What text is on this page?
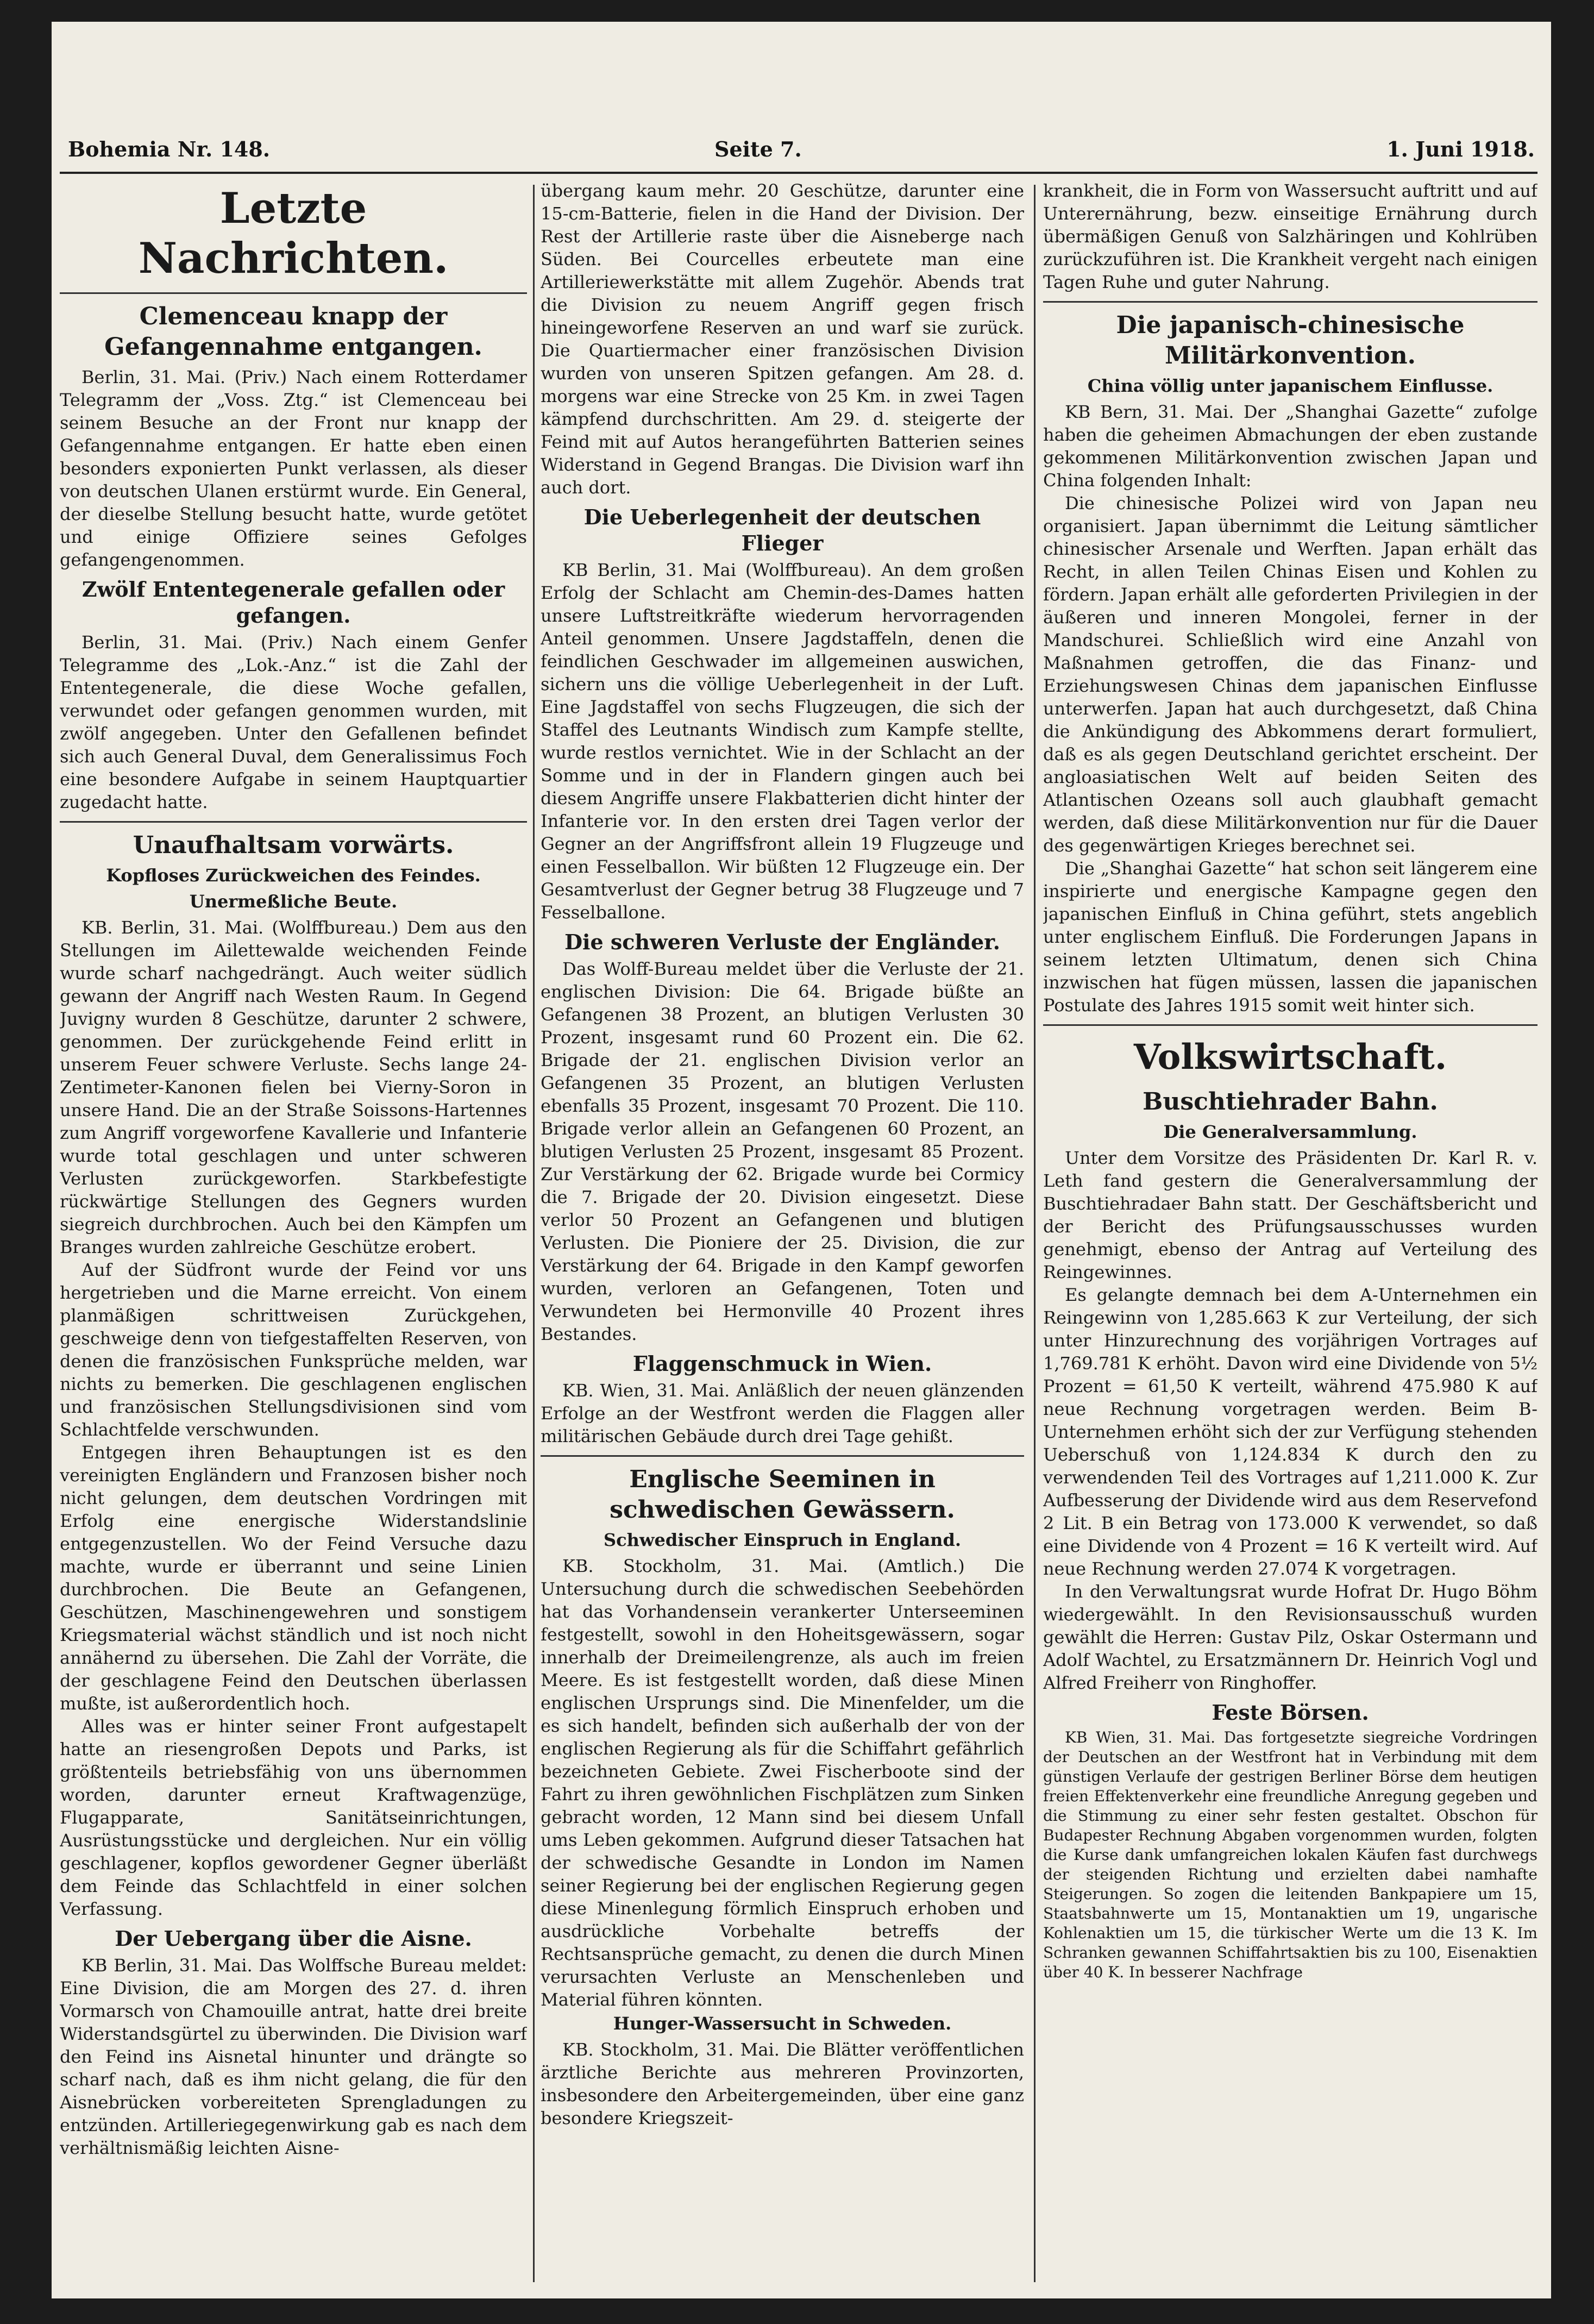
Bohemia Nr. 148.	Seite 7.	1. Juni 1918.
Letzte Nachrichten.
Clemenceau knapp der Gefangennahme entgangen.

Berlin, 31. Mai. (Priv.) Nach einem Rotterdamer Telegramm der „Voss. Ztg.“ ist Clemenceau bei seinem Besuche an der Front nur knapp der Gefangennahme entgangen. Er hatte eben einen besonders exponierten Punkt verlassen, als dieser von deutschen Ulanen erstürmt wurde. Ein General, der dieselbe Stellung besucht hatte, wurde getötet und einige Offiziere seines Gefolges gefangengenommen.

Zwölf Ententegenerale gefallen oder gefangen.

Berlin, 31. Mai. (Priv.) Nach einem Genfer Telegramme des „Lok.-Anz.“ ist die Zahl der Ententegenerale, die diese Woche gefallen, verwundet oder gefangen genommen wurden, mit zwölf angegeben. Unter den Gefallenen befindet sich auch General Duval, dem Generalissimus Foch eine besondere Aufgabe in seinem Hauptquartier zugedacht hatte.

Unaufhaltsam vorwärts.
Kopfloses Zurückweichen des Feindes.
Unermeßliche Beute.

KB. Berlin, 31. Mai. (Wolffbureau.) Dem aus den Stellungen im Ailettewalde weichenden Feinde wurde scharf nachgedrängt. Auch weiter südlich gewann der Angriff nach Westen Raum. In Gegend Juvigny wurden 8 Geschütze, darunter 2 schwere, genommen. Der zurückgehende Feind erlitt in unserem Feuer schwere Verluste. Sechs lange 24-Zentimeter-Kanonen fielen bei Vierny-Soron in unsere Hand. Die an der Straße Soissons-Hartennes zum Angriff vorgeworfene Kavallerie und Infanterie wurde total geschlagen und unter schweren Verlusten zurückgeworfen. Starkbefestigte rückwärtige Stellungen des Gegners wurden siegreich durchbrochen. Auch bei den Kämpfen um Branges wurden zahlreiche Geschütze erobert.

Auf der Südfront wurde der Feind vor uns hergetrieben und die Marne erreicht. Von einem planmäßigen schrittweisen Zurückgehen, geschweige denn von tiefgestaffelten Reserven, von denen die französischen Funksprüche melden, war nichts zu bemerken. Die geschlagenen englischen und französischen Stellungsdivisionen sind vom Schlachtfelde verschwunden.

Entgegen ihren Behauptungen ist es den vereinigten Engländern und Franzosen bisher noch nicht gelungen, dem deutschen Vordringen mit Erfolg eine energische Widerstandslinie entgegenzustellen. Wo der Feind Versuche dazu machte, wurde er überrannt und seine Linien durchbrochen. Die Beute an Gefangenen, Geschützen, Maschinengewehren und sonstigem Kriegsmaterial wächst ständlich und ist noch nicht annähernd zu übersehen. Die Zahl der Vorräte, die der geschlagene Feind den Deutschen überlassen mußte, ist außerordentlich hoch.

Alles was er hinter seiner Front aufgestapelt hatte an riesengroßen Depots und Parks, ist größtenteils betriebsfähig von uns übernommen worden, darunter erneut Kraftwagenzüge, Flugapparate, Sanitätseinrichtungen, Ausrüstungsstücke und dergleichen. Nur ein völlig geschlagener, kopflos gewordener Gegner überläßt dem Feinde das Schlachtfeld in einer solchen Verfassung.

Der Uebergang über die Aisne.

KB Berlin, 31. Mai. Das Wolffsche Bureau meldet: Eine Division, die am Morgen des 27. d. ihren Vormarsch von Chamouille antrat, hatte drei breite Widerstandsgürtel zu überwinden. Die Division warf den Feind ins Aisnetal hinunter und drängte so scharf nach, daß es ihm nicht gelang, die für den Aisnebrücken vorbereiteten Sprengladungen zu entzünden. Artilleriegegenwirkung gab es nach dem verhältnismäßig leichten Aisne-

übergang kaum mehr. 20 Geschütze, darunter eine 15-cm-Batterie, fielen in die Hand der Division. Der Rest der Artillerie raste über die Aisneberge nach Süden. Bei Courcelles erbeutete man eine Artilleriewerkstätte mit allem Zugehör. Abends trat die Division zu neuem Angriff gegen frisch hineingeworfene Reserven an und warf sie zurück. Die Quartiermacher einer französischen Division wurden von unseren Spitzen gefangen. Am 28. d. morgens war eine Strecke von 25 Km. in zwei Tagen kämpfend durchschritten. Am 29. d. steigerte der Feind mit auf Autos herangeführten Batterien seines Widerstand in Gegend Brangas. Die Division warf ihn auch dort.

Die Ueberlegenheit der deutschen Flieger

KB Berlin, 31. Mai (Wolffbureau). An dem großen Erfolg der Schlacht am Chemin-des-Dames hatten unsere Luftstreitkräfte wiederum hervorragenden Anteil genommen. Unsere Jagdstaffeln, denen die feindlichen Geschwader im allgemeinen auswichen, sichern uns die völlige Ueberlegenheit in der Luft. Eine Jagdstaffel von sechs Flugzeugen, die sich der Staffel des Leutnants Windisch zum Kampfe stellte, wurde restlos vernichtet. Wie in der Schlacht an der Somme und in der in Flandern gingen auch bei diesem Angriffe unsere Flakbatterien dicht hinter der Infanterie vor. In den ersten drei Tagen verlor der Gegner an der Angriffsfront allein 19 Flugzeuge und einen Fesselballon. Wir büßten 12 Flugzeuge ein. Der Gesamtverlust der Gegner betrug 38 Flugzeuge und 7 Fesselballone.

Die schweren Verluste der Engländer.

Das Wolff-Bureau meldet über die Verluste der 21. englischen Division: Die 64. Brigade büßte an Gefangenen 38 Prozent, an blutigen Verlusten 30 Prozent, insgesamt rund 60 Prozent ein. Die 62. Brigade der 21. englischen Division verlor an Gefangenen 35 Prozent, an blutigen Verlusten ebenfalls 35 Prozent, insgesamt 70 Prozent. Die 110. Brigade verlor allein an Gefangenen 60 Prozent, an blutigen Verlusten 25 Prozent, insgesamt 85 Prozent. Zur Verstärkung der 62. Brigade wurde bei Cormicy die 7. Brigade der 20. Division eingesetzt. Diese verlor 50 Prozent an Gefangenen und blutigen Verlusten. Die Pioniere der 25. Division, die zur Verstärkung der 64. Brigade in den Kampf geworfen wurden, verloren an Gefangenen, Toten und Verwundeten bei Hermonville 40 Prozent ihres Bestandes.

Flaggenschmuck in Wien.

KB. Wien, 31. Mai. Anläßlich der neuen glänzenden Erfolge an der Westfront werden die Flaggen aller militärischen Gebäude durch drei Tage gehißt.

Englische Seeminen in schwedischen Gewässern.
Schwedischer Einspruch in England.

KB. Stockholm, 31. Mai. (Amtlich.) Die Untersuchung durch die schwedischen Seebehörden hat das Vorhandensein verankerter Unterseeminen festgestellt, sowohl in den Hoheitsgewässern, sogar innerhalb der Dreimeilengrenze, als auch im freien Meere. Es ist festgestellt worden, daß diese Minen englischen Ursprungs sind. Die Minenfelder, um die es sich handelt, befinden sich außerhalb der von der englischen Regierung als für die Schiffahrt gefährlich bezeichneten Gebiete. Zwei Fischerboote sind der Fahrt zu ihren gewöhnlichen Fischplätzen zum Sinken gebracht worden, 12 Mann sind bei diesem Unfall ums Leben gekommen. Aufgrund dieser Tatsachen hat der schwedische Gesandte in London im Namen seiner Regierung bei der englischen Regierung gegen diese Minenlegung förmlich Einspruch erhoben und ausdrückliche Vorbehalte betreffs der Rechtsansprüche gemacht, zu denen die durch Minen verursachten Verluste an Menschenleben und Material führen könnten.

Hunger-Wassersucht in Schweden.

KB. Stockholm, 31. Mai. Die Blätter veröffentlichen ärztliche Berichte aus mehreren Provinzorten, insbesondere den Arbeitergemeinden, über eine ganz besondere Kriegszeit-

krankheit, die in Form von Wassersucht auftritt und auf Unterernährung, bezw. einseitige Ernährung durch übermäßigen Genuß von Salzhäringen und Kohlrüben zurückzuführen ist. Die Krankheit vergeht nach einigen Tagen Ruhe und guter Nahrung.

Die japanisch-chinesische Militärkonvention.
China völlig unter japanischem Einflusse.

KB Bern, 31. Mai. Der „Shanghai Gazette“ zufolge haben die geheimen Abmachungen der eben zustande gekommenen Militärkonvention zwischen Japan und China folgenden Inhalt:

Die chinesische Polizei wird von Japan neu organisiert. Japan übernimmt die Leitung sämtlicher chinesischer Arsenale und Werften. Japan erhält das Recht, in allen Teilen Chinas Eisen und Kohlen zu fördern. Japan erhält alle geforderten Privilegien in der äußeren und inneren Mongolei, ferner in der Mandschurei. Schließlich wird eine Anzahl von Maßnahmen getroffen, die das Finanz- und Erziehungswesen Chinas dem japanischen Einflusse unterwerfen. Japan hat auch durchgesetzt, daß China die Ankündigung des Abkommens derart formuliert, daß es als gegen Deutschland gerichtet erscheint. Der angloasiatischen Welt auf beiden Seiten des Atlantischen Ozeans soll auch glaubhaft gemacht werden, daß diese Militärkonvention nur für die Dauer des gegenwärtigen Krieges berechnet sei.

Die „Shanghai Gazette“ hat schon seit längerem eine inspirierte und energische Kampagne gegen den japanischen Einfluß in China geführt, stets angeblich unter englischem Einfluß. Die Forderungen Japans in seinem letzten Ultimatum, denen sich China inzwischen hat fügen müssen, lassen die japanischen Postulate des Jahres 1915 somit weit hinter sich.

Volkswirtschaft.
Buschtiehrader Bahn.
Die Generalversammlung.

Unter dem Vorsitze des Präsidenten Dr. Karl R. v. Leth fand gestern die Generalversammlung der Buschtiehradaer Bahn statt. Der Geschäftsbericht und der Bericht des Prüfungsausschusses wurden genehmigt, ebenso der Antrag auf Verteilung des Reingewinnes.

Es gelangte demnach bei dem A-Unternehmen ein Reingewinn von 1,285.663 K zur Verteilung, der sich unter Hinzurechnung des vorjährigen Vortrages auf 1,769.781 K erhöht. Davon wird eine Dividende von 5½ Prozent = 61,50 K verteilt, während 475.980 K auf neue Rechnung vorgetragen werden. Beim B-Unternehmen erhöht sich der zur Verfügung stehenden Ueberschuß von 1,124.834 K durch den zu verwendenden Teil des Vortrages auf 1,211.000 K. Zur Aufbesserung der Dividende wird aus dem Reservefond 2 Lit. B ein Betrag von 173.000 K verwendet, so daß eine Dividende von 4 Prozent = 16 K verteilt wird. Auf neue Rechnung werden 27.074 K vorgetragen.

In den Verwaltungsrat wurde Hofrat Dr. Hugo Böhm wiedergewählt. In den Revisionsausschuß wurden gewählt die Herren: Gustav Pilz, Oskar Ostermann und Adolf Wachtel, zu Ersatzmännern Dr. Heinrich Vogl und Alfred Freiherr von Ringhoffer.

Feste Börsen.

KB Wien, 31. Mai. Das fortgesetzte siegreiche Vordringen der Deutschen an der Westfront hat in Verbindung mit dem günstigen Verlaufe der gestrigen Berliner Börse dem heutigen freien Effektenverkehr eine freundliche Anregung gegeben und die Stimmung zu einer sehr festen gestaltet. Obschon für Budapester Rechnung Abgaben vorgenommen wurden, folgten die Kurse dank umfangreichen lokalen Käufen fast durchwegs der steigenden Richtung und erzielten dabei namhafte Steigerungen. So zogen die leitenden Bankpapiere um 15, Staatsbahnwerte um 15, Montanaktien um 19, ungarische Kohlenaktien um 15, die türkischer Werte um die 13 K. Im Schranken gewannen Schiffahrtsaktien bis zu 100, Eisenaktien über 40 K. In besserer Nachfrage
